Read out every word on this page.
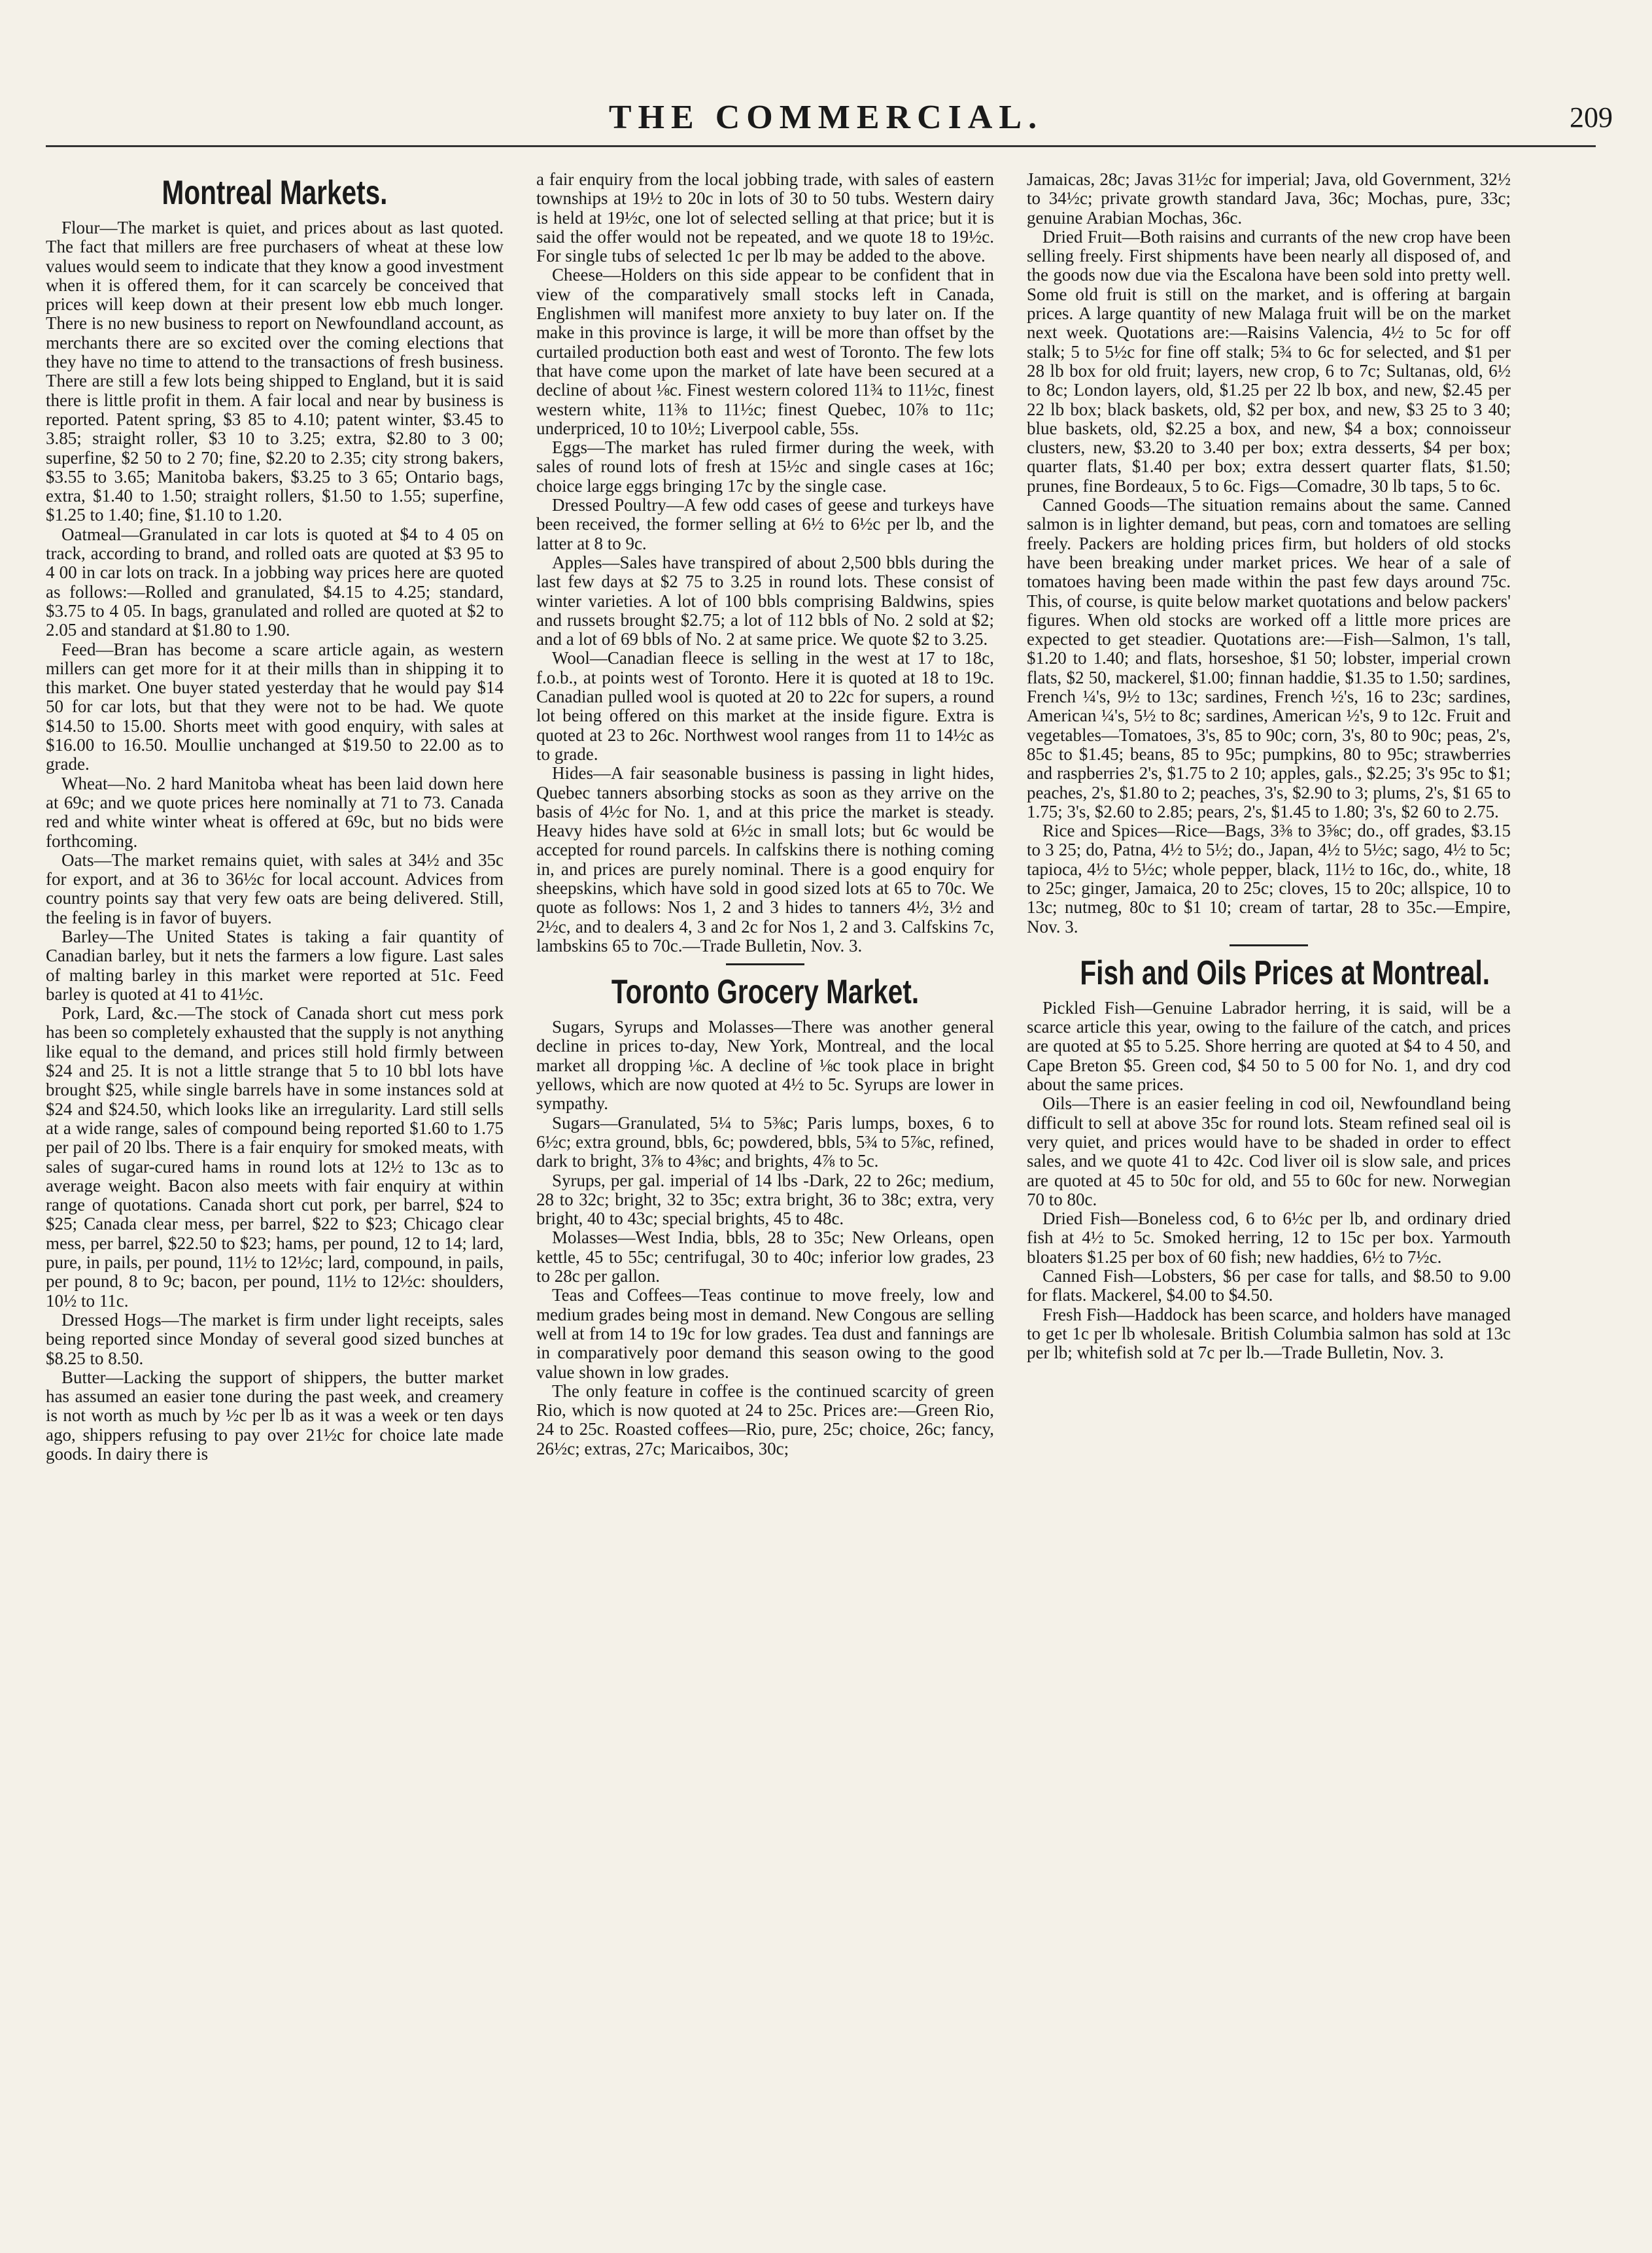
THE COMMERCIAL.	209
Montreal Markets.

Flour—The market is quiet, and prices about as last quoted. The fact that millers are free purchasers of wheat at these low values would seem to indicate that they know a good investment when it is offered them, for it can scarcely be conceived that prices will keep down at their present low ebb much longer. There is no new business to report on Newfoundland account, as merchants there are so excited over the coming elections that they have no time to attend to the transactions of fresh business. There are still a few lots being shipped to England, but it is said there is little profit in them. A fair local and near by business is reported. Patent spring, $3 85 to 4.10; patent winter, $3.45 to 3.85; straight roller, $3 10 to 3.25; extra, $2.80 to 3 00; superfine, $2 50 to 2 70; fine, $2.20 to 2.35; city strong bakers, $3.55 to 3.65; Manitoba bakers, $3.25 to 3 65; Ontario bags, extra, $1.40 to 1.50; straight rollers, $1.50 to 1.55; superfine, $1.25 to 1.40; fine, $1.10 to 1.20.

Oatmeal—Granulated in car lots is quoted at $4 to 4 05 on track, according to brand, and rolled oats are quoted at $3 95 to 4 00 in car lots on track. In a jobbing way prices here are quoted as follows:—Rolled and granulated, $4.15 to 4.25; standard, $3.75 to 4 05. In bags, granulated and rolled are quoted at $2 to 2.05 and standard at $1.80 to 1.90.

Feed—Bran has become a scare article again, as western millers can get more for it at their mills than in shipping it to this market. One buyer stated yesterday that he would pay $14 50 for car lots, but that they were not to be had. We quote $14.50 to 15.00. Shorts meet with good enquiry, with sales at $16.00 to 16.50. Moullie unchanged at $19.50 to 22.00 as to grade.

Wheat—No. 2 hard Manitoba wheat has been laid down here at 69c; and we quote prices here nominally at 71 to 73. Canada red and white winter wheat is offered at 69c, but no bids were forthcoming.

Oats—The market remains quiet, with sales at 34½ and 35c for export, and at 36 to 36½c for local account. Advices from country points say that very few oats are being delivered. Still, the feeling is in favor of buyers.

Barley—The United States is taking a fair quantity of Canadian barley, but it nets the farmers a low figure. Last sales of malting barley in this market were reported at 51c. Feed barley is quoted at 41 to 41½c.

Pork, Lard, &c.—The stock of Canada short cut mess pork has been so completely exhausted that the supply is not anything like equal to the demand, and prices still hold firmly between $24 and 25. It is not a little strange that 5 to 10 bbl lots have brought $25, while single barrels have in some instances sold at $24 and $24.50, which looks like an irregularity. Lard still sells at a wide range, sales of compound being reported $1.60 to 1.75 per pail of 20 lbs. There is a fair enquiry for smoked meats, with sales of sugar-cured hams in round lots at 12½ to 13c as to average weight. Bacon also meets with fair enquiry at within range of quotations. Canada short cut pork, per barrel, $24 to $25; Canada clear mess, per barrel, $22 to $23; Chicago clear mess, per barrel, $22.50 to $23; hams, per pound, 12 to 14; lard, pure, in pails, per pound, 11½ to 12½c; lard, compound, in pails, per pound, 8 to 9c; bacon, per pound, 11½ to 12½c: shoulders, 10½ to 11c.

Dressed Hogs—The market is firm under light receipts, sales being reported since Monday of several good sized bunches at $8.25 to 8.50.

Butter—Lacking the support of shippers, the butter market has assumed an easier tone during the past week, and creamery is not worth as much by ½c per lb as it was a week or ten days ago, shippers refusing to pay over 21½c for choice late made goods. In dairy there is

a fair enquiry from the local jobbing trade, with sales of eastern townships at 19½ to 20c in lots of 30 to 50 tubs. Western dairy is held at 19½c, one lot of selected selling at that price; but it is said the offer would not be repeated, and we quote 18 to 19½c. For single tubs of selected 1c per lb may be added to the above.

Cheese—Holders on this side appear to be confident that in view of the comparatively small stocks left in Canada, Englishmen will manifest more anxiety to buy later on. If the make in this province is large, it will be more than offset by the curtailed production both east and west of Toronto. The few lots that have come upon the market of late have been secured at a decline of about ⅛c. Finest western colored 11¾ to 11½c, finest western white, 11⅜ to 11½c; finest Quebec, 10⅞ to 11c; underpriced, 10 to 10½; Liverpool cable, 55s.

Eggs—The market has ruled firmer during the week, with sales of round lots of fresh at 15½c and single cases at 16c; choice large eggs bringing 17c by the single case.

Dressed Poultry—A few odd cases of geese and turkeys have been received, the former selling at 6½ to 6½c per lb, and the latter at 8 to 9c.

Apples—Sales have transpired of about 2,500 bbls during the last few days at $2 75 to 3.25 in round lots. These consist of winter varieties. A lot of 100 bbls comprising Baldwins, spies and russets brought $2.75; a lot of 112 bbls of No. 2 sold at $2; and a lot of 69 bbls of No. 2 at same price. We quote $2 to 3.25.

Wool—Canadian fleece is selling in the west at 17 to 18c, f.o.b., at points west of Toronto. Here it is quoted at 18 to 19c. Canadian pulled wool is quoted at 20 to 22c for supers, a round lot being offered on this market at the inside figure. Extra is quoted at 23 to 26c. Northwest wool ranges from 11 to 14½c as to grade.

Hides—A fair seasonable business is passing in light hides, Quebec tanners absorbing stocks as soon as they arrive on the basis of 4½c for No. 1, and at this price the market is steady. Heavy hides have sold at 6½c in small lots; but 6c would be accepted for round parcels. In calfskins there is nothing coming in, and prices are purely nominal. There is a good enquiry for sheepskins, which have sold in good sized lots at 65 to 70c. We quote as follows: Nos 1, 2 and 3 hides to tanners 4½, 3½ and 2½c, and to dealers 4, 3 and 2c for Nos 1, 2 and 3. Calfskins 7c, lambskins 65 to 70c.—Trade Bulletin, Nov. 3.

Toronto Grocery Market.

Sugars, Syrups and Molasses—There was another general decline in prices to-day, New York, Montreal, and the local market all dropping ⅛c. A decline of ⅛c took place in bright yellows, which are now quoted at 4½ to 5c. Syrups are lower in sympathy.

Sugars—Granulated, 5¼ to 5⅜c; Paris lumps, boxes, 6 to 6½c; extra ground, bbls, 6c; powdered, bbls, 5¾ to 5⅞c, refined, dark to bright, 3⅞ to 4⅜c; and brights, 4⅞ to 5c.

Syrups, per gal. imperial of 14 lbs -Dark, 22 to 26c; medium, 28 to 32c; bright, 32 to 35c; extra bright, 36 to 38c; extra, very bright, 40 to 43c; special brights, 45 to 48c.

Molasses—West India, bbls, 28 to 35c; New Orleans, open kettle, 45 to 55c; centrifugal, 30 to 40c; inferior low grades, 23 to 28c per gallon.

Teas and Coffees—Teas continue to move freely, low and medium grades being most in demand. New Congous are selling well at from 14 to 19c for low grades. Tea dust and fannings are in comparatively poor demand this season owing to the good value shown in low grades.

The only feature in coffee is the continued scarcity of green Rio, which is now quoted at 24 to 25c. Prices are:—Green Rio, 24 to 25c. Roasted coffees—Rio, pure, 25c; choice, 26c; fancy, 26½c; extras, 27c; Maricaibos, 30c;

Jamaicas, 28c; Javas 31½c for imperial; Java, old Government, 32½ to 34½c; private growth standard Java, 36c; Mochas, pure, 33c; genuine Arabian Mochas, 36c.

Dried Fruit—Both raisins and currants of the new crop have been selling freely. First shipments have been nearly all disposed of, and the goods now due via the Escalona have been sold into pretty well. Some old fruit is still on the market, and is offering at bargain prices. A large quantity of new Malaga fruit will be on the market next week. Quotations are:—Raisins Valencia, 4½ to 5c for off stalk; 5 to 5½c for fine off stalk; 5¾ to 6c for selected, and $1 per 28 lb box for old fruit; layers, new crop, 6 to 7c; Sultanas, old, 6½ to 8c; London layers, old, $1.25 per 22 lb box, and new, $2.45 per 22 lb box; black baskets, old, $2 per box, and new, $3 25 to 3 40; blue baskets, old, $2.25 a box, and new, $4 a box; connoisseur clusters, new, $3.20 to 3.40 per box; extra desserts, $4 per box; quarter flats, $1.40 per box; extra dessert quarter flats, $1.50; prunes, fine Bordeaux, 5 to 6c. Figs—Comadre, 30 lb taps, 5 to 6c.

Canned Goods—The situation remains about the same. Canned salmon is in lighter demand, but peas, corn and tomatoes are selling freely. Packers are holding prices firm, but holders of old stocks have been breaking under market prices. We hear of a sale of tomatoes having been made within the past few days around 75c. This, of course, is quite below market quotations and below packers' figures. When old stocks are worked off a little more prices are expected to get steadier. Quotations are:—Fish—Salmon, 1's tall, $1.20 to 1.40; and flats, horseshoe, $1 50; lobster, imperial crown flats, $2 50, mackerel, $1.00; finnan haddie, $1.35 to 1.50; sardines, French ¼'s, 9½ to 13c; sardines, French ½'s, 16 to 23c; sardines, American ¼'s, 5½ to 8c; sardines, American ½'s, 9 to 12c. Fruit and vegetables—Tomatoes, 3's, 85 to 90c; corn, 3's, 80 to 90c; peas, 2's, 85c to $1.45; beans, 85 to 95c; pumpkins, 80 to 95c; strawberries and raspberries 2's, $1.75 to 2 10; apples, gals., $2.25; 3's 95c to $1; peaches, 2's, $1.80 to 2; peaches, 3's, $2.90 to 3; plums, 2's, $1 65 to 1.75; 3's, $2.60 to 2.85; pears, 2's, $1.45 to 1.80; 3's, $2 60 to 2.75.

Rice and Spices—Rice—Bags, 3⅜ to 3⅝c; do., off grades, $3.15 to 3 25; do, Patna, 4½ to 5½; do., Japan, 4½ to 5½c; sago, 4½ to 5c; tapioca, 4½ to 5½c; whole pepper, black, 11½ to 16c, do., white, 18 to 25c; ginger, Jamaica, 20 to 25c; cloves, 15 to 20c; allspice, 10 to 13c; nutmeg, 80c to $1 10; cream of tartar, 28 to 35c.—Empire, Nov. 3.

Fish and Oils Prices at Montreal.

Pickled Fish—Genuine Labrador herring, it is said, will be a scarce article this year, owing to the failure of the catch, and prices are quoted at $5 to 5.25. Shore herring are quoted at $4 to 4 50, and Cape Breton $5. Green cod, $4 50 to 5 00 for No. 1, and dry cod about the same prices.

Oils—There is an easier feeling in cod oil, Newfoundland being difficult to sell at above 35c for round lots. Steam refined seal oil is very quiet, and prices would have to be shaded in order to effect sales, and we quote 41 to 42c. Cod liver oil is slow sale, and prices are quoted at 45 to 50c for old, and 55 to 60c for new. Norwegian 70 to 80c.

Dried Fish—Boneless cod, 6 to 6½c per lb, and ordinary dried fish at 4½ to 5c. Smoked herring, 12 to 15c per box. Yarmouth bloaters $1.25 per box of 60 fish; new haddies, 6½ to 7½c.

Canned Fish—Lobsters, $6 per case for talls, and $8.50 to 9.00 for flats. Mackerel, $4.00 to $4.50.

Fresh Fish—Haddock has been scarce, and holders have managed to get 1c per lb wholesale. British Columbia salmon has sold at 13c per lb; whitefish sold at 7c per lb.—Trade Bulletin, Nov. 3.
